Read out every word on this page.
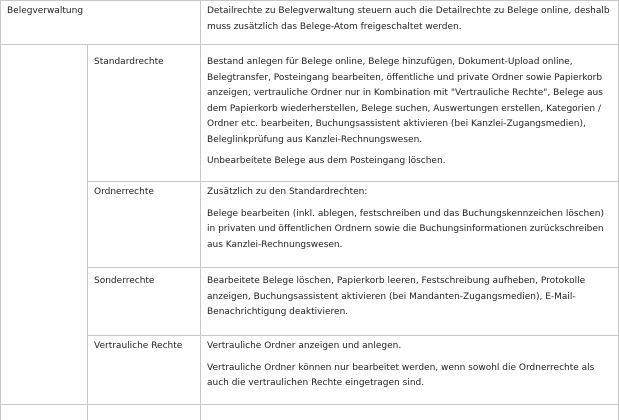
Belegverwaltung	Detailrechte zu Belegverwaltung steuern auch die Detailrechte zu Belege online, deshalb muss zusätzlich das Belege-Atom freigeschaltet werden.

Standardrechte	Bestand anlegen für Belege online, Belege hinzufügen, Dokument-Upload online, Belegtransfer, Posteingang bearbeiten, öffentliche und private Ordner sowie Papierkorb anzeigen, vertrauliche Ordner nur in Kombination mit "Vertrauliche Rechte", Belege aus dem Papierkorb wiederherstellen, Belege suchen, Auswertungen erstellen, Kategorien / Ordner etc. bearbeiten, Buchungsassistent aktivieren (bei Kanzlei-Zugangsmedien), Beleglinkprüfung aus Kanzlei-Rechnungswesen.

Unbearbeitete Belege aus dem Posteingang löschen.

Ordnerrechte	Zusätzlich zu den Standardrechten:

Belege bearbeiten (inkl. ablegen, festschreiben und das Buchungskennzeichen löschen) in privaten und öffentlichen Ordnern sowie die Buchungsinformationen zurückschreiben aus Kanzlei-Rechnungswesen.

Sonderrechte	Bearbeitete Belege löschen, Papierkorb leeren, Festschreibung aufheben, Protokolle anzeigen, Buchungsassistent aktivieren (bei Mandanten-Zugangsmedien), E-Mail-Benachrichtigung deaktivieren.

Vertrauliche Rechte	Vertrauliche Ordner anzeigen und anlegen.

Vertrauliche Ordner können nur bearbeitet werden, wenn sowohl die Ordnerrechte als auch die vertraulichen Rechte eingetragen sind.
